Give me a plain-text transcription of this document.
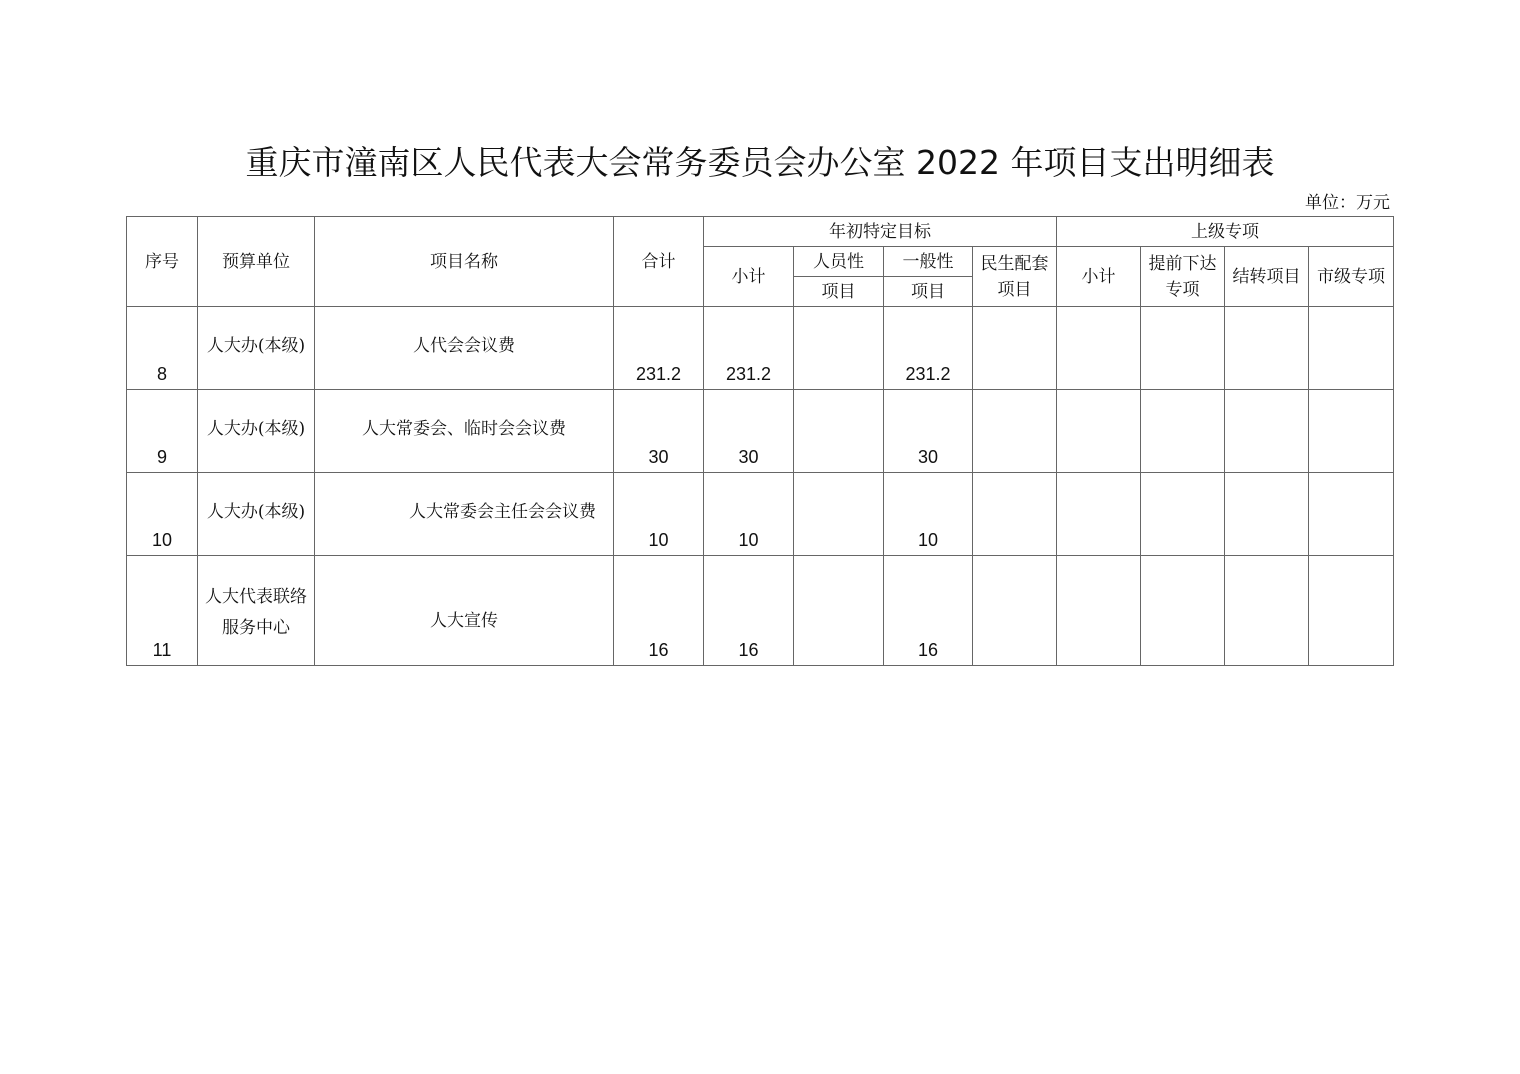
重庆市潼南区人民代表大会常务委员会办公室 2022 年项目支出明细表
单位：万元
序号	预算单位	项目名称	合计	年初特定目标				上级专项			
				小计	人员性	一般性	民生配套项目	小计	提前下达专项	结转项目	市级专项
					项目	项目					

8	人大办(本级)	人代会会议费	231.2	231.2		231.2					

9	人大办(本级)	人大常委会、临时会会议费	30	30		30					

10	人大办(本级)	人大常委会主任会会议费	10	10		10					

11	人大代表联络服务中心	人大宣传	16	16		16					
